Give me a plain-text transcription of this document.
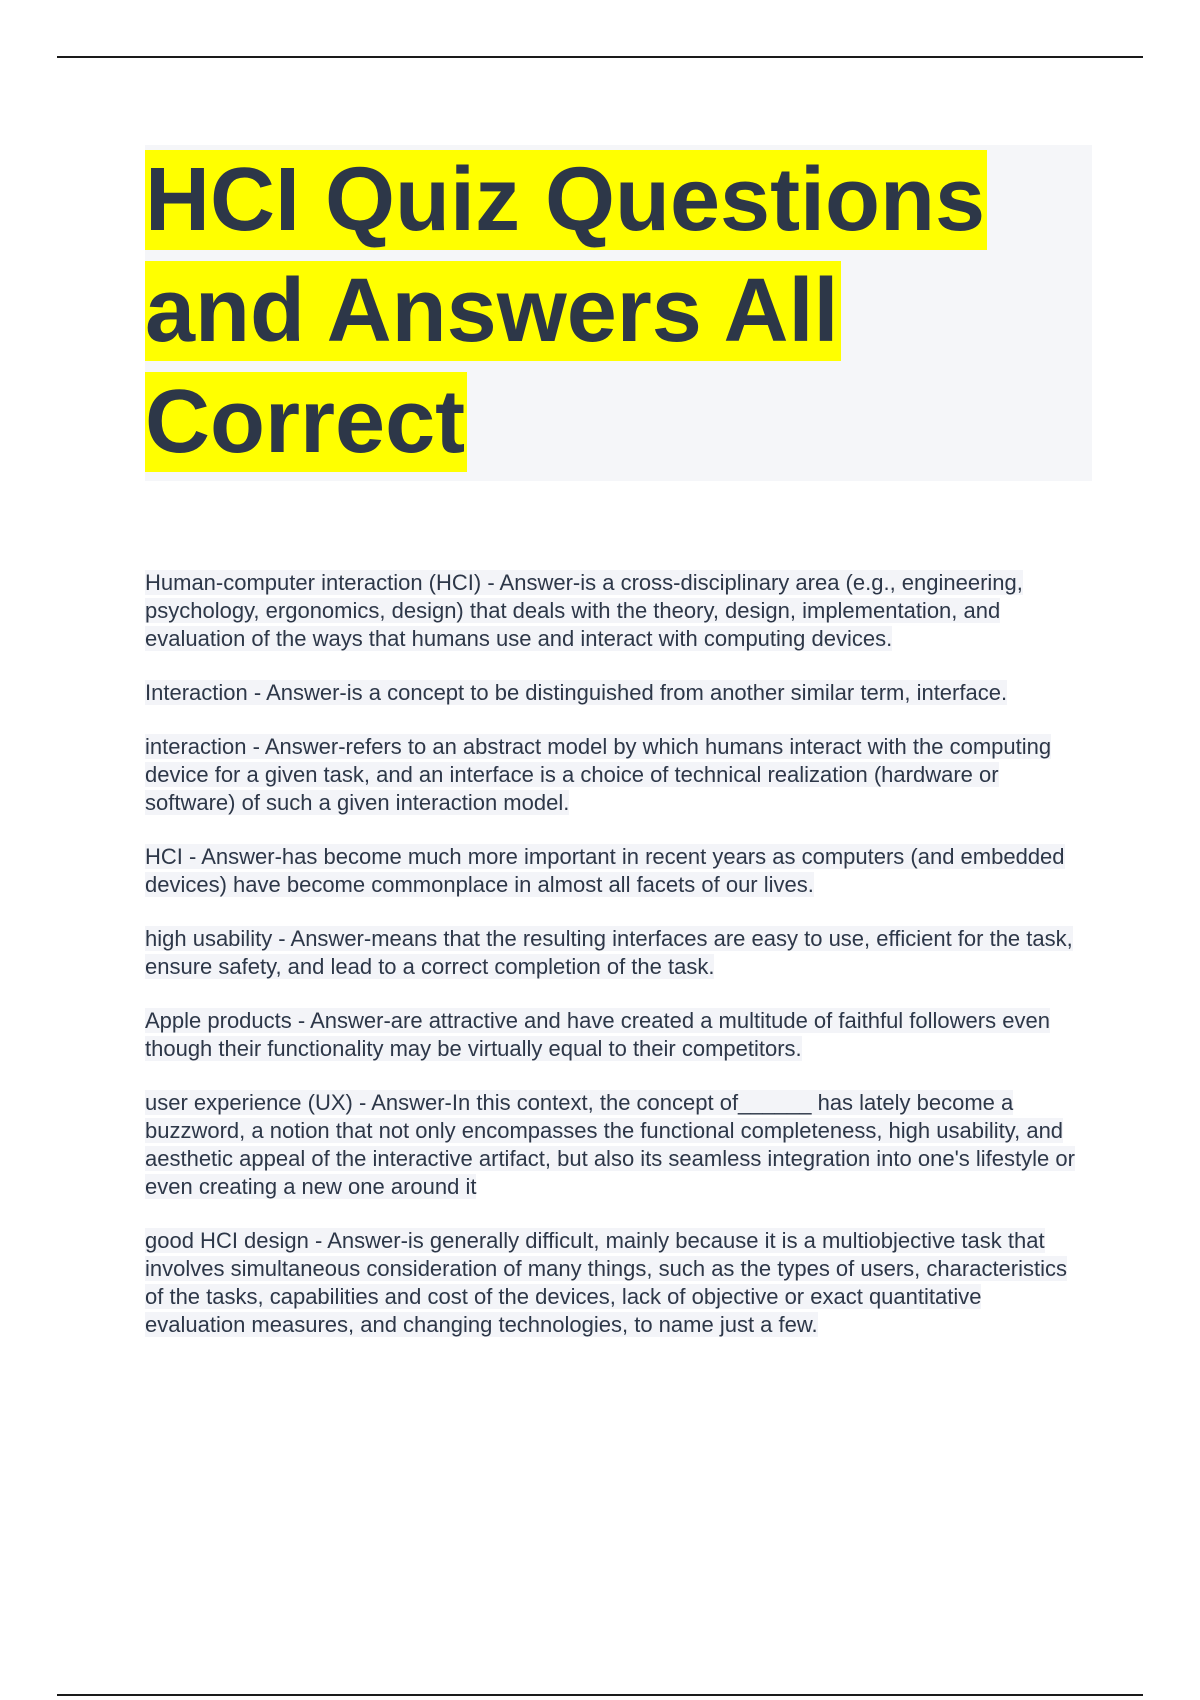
HCI Quiz Questions and Answers All Correct

Human-computer interaction (HCI) - Answer-is a cross-disciplinary area (e.g., engineering, psychology, ergonomics, design) that deals with the theory, design, implementation, and evaluation of the ways that humans use and interact with computing devices.

Interaction - Answer-is a concept to be distinguished from another similar term, interface.

interaction - Answer-refers to an abstract model by which humans interact with the computing device for a given task, and an interface is a choice of technical realization (hardware or software) of such a given interaction model.

HCI - Answer-has become much more important in recent years as computers (and embedded devices) have become commonplace in almost all facets of our lives.

high usability - Answer-means that the resulting interfaces are easy to use, efficient for the task, ensure safety, and lead to a correct completion of the task.

Apple products - Answer-are attractive and have created a multitude of faithful followers even though their functionality may be virtually equal to their competitors.

user experience (UX) - Answer-In this context, the concept of______ has lately become a buzzword, a notion that not only encompasses the functional completeness, high usability, and aesthetic appeal of the interactive artifact, but also its seamless integration into one's lifestyle or even creating a new one around it

good HCI design - Answer-is generally difficult, mainly because it is a multiobjective task that involves simultaneous consideration of many things, such as the types of users, characteristics of the tasks, capabilities and cost of the devices, lack of objective or exact quantitative evaluation measures, and changing technologies, to name just a few.
